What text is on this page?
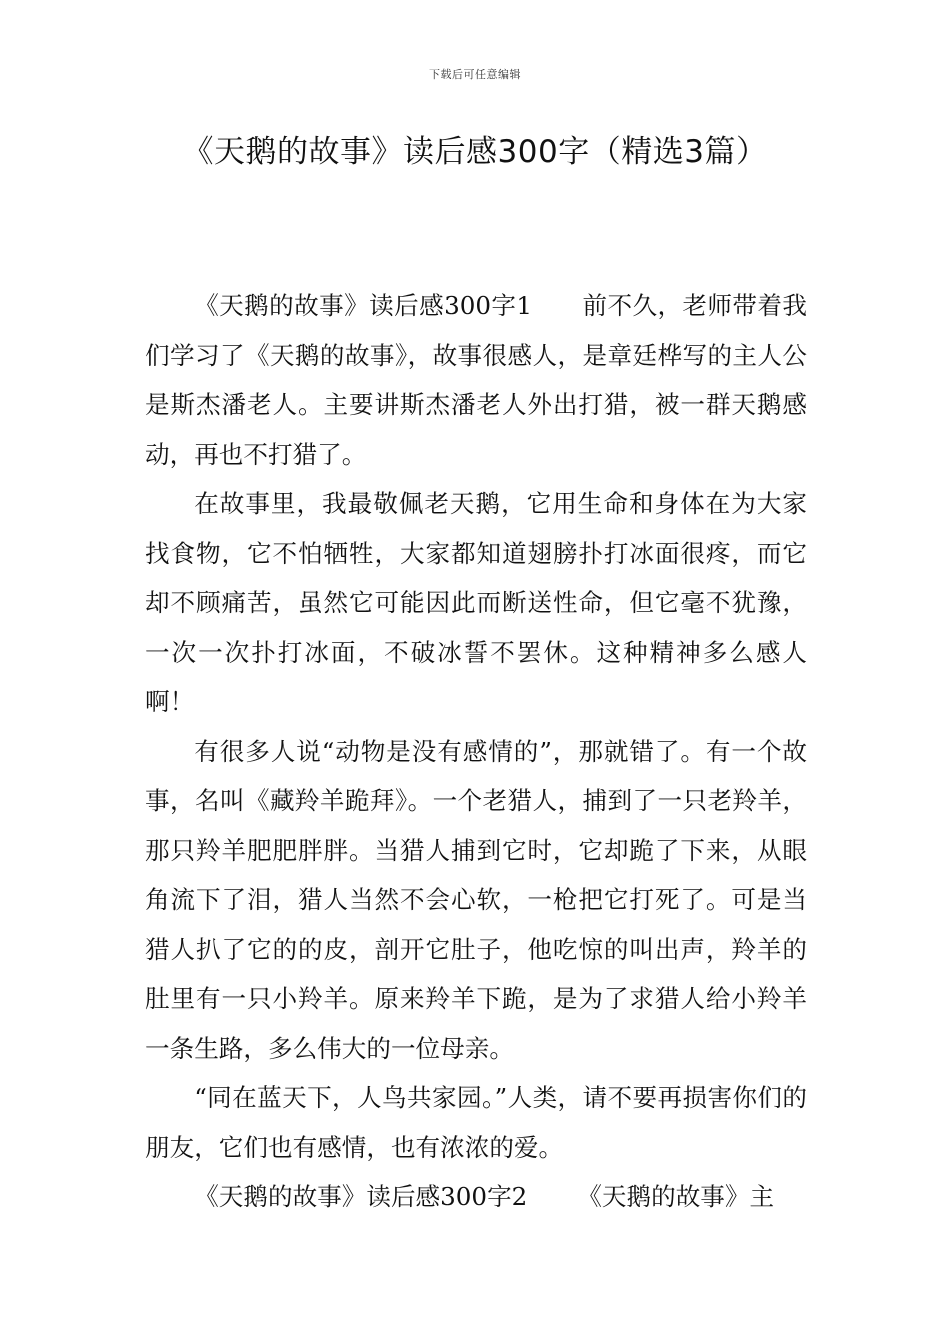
下载后可任意编辑
《天鹅的故事》读后感300字（精选3篇）

《天鹅的故事》读后感300字1 前不久，老师带着我们学习了《天鹅的故事》，故事很感人，是章廷桦写的主人公是斯杰潘老人。主要讲斯杰潘老人外出打猎，被一群天鹅感动，再也不打猎了。

在故事里，我最敬佩老天鹅，它用生命和身体在为大家找食物，它不怕牺牲，大家都知道翅膀扑打冰面很疼，而它却不顾痛苦，虽然它可能因此而断送性命，但它毫不犹豫，一次一次扑打冰面，不破冰誓不罢休。这种精神多么感人啊！

有很多人说“动物是没有感情的”，那就错了。有一个故事，名叫《藏羚羊跪拜》。一个老猎人，捕到了一只老羚羊，那只羚羊肥肥胖胖。当猎人捕到它时，它却跪了下来，从眼角流下了泪，猎人当然不会心软，一枪把它打死了。可是当猎人扒了它的的皮，剖开它肚子，他吃惊的叫出声，羚羊的肚里有一只小羚羊。原来羚羊下跪，是为了求猎人给小羚羊一条生路，多么伟大的一位母亲。

“同在蓝天下，人鸟共家园。”人类，请不要再损害你们的朋友，它们也有感情，也有浓浓的爱。

《天鹅的故事》读后感300字2 《天鹅的故事》主
